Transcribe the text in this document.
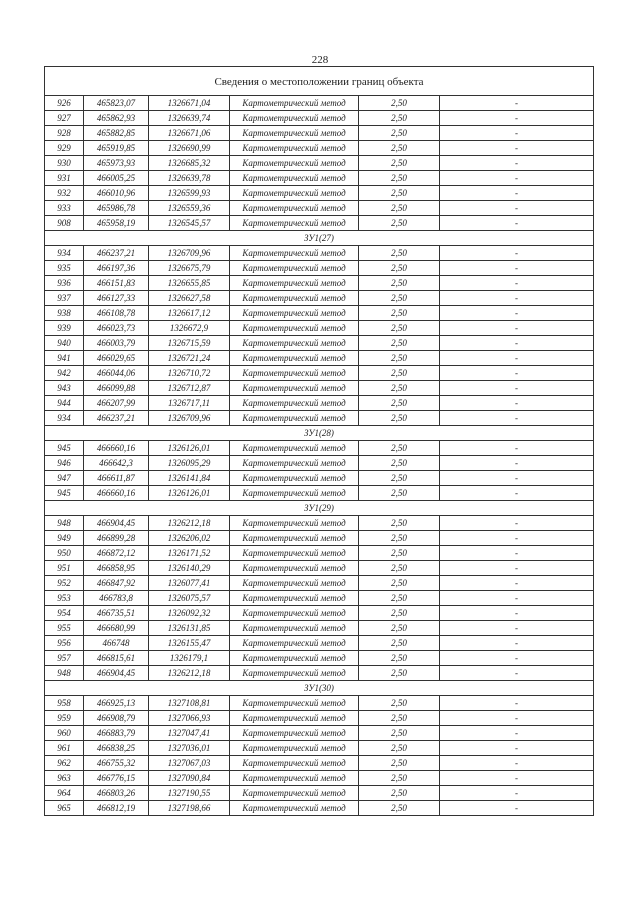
228
Сведения о местоположении границ объекта
926	465823,07	1326671,04	Картометрический метод	2,50	-
927	465862,93	1326639,74	Картометрический метод	2,50	-
928	465882,85	1326671,06	Картометрический метод	2,50	-
929	465919,85	1326690,99	Картометрический метод	2,50	-
930	465973,93	1326685,32	Картометрический метод	2,50	-
931	466005,25	1326639,78	Картометрический метод	2,50	-
932	466010,96	1326599,93	Картометрический метод	2,50	-
933	465986,78	1326559,36	Картометрический метод	2,50	-
908	465958,19	1326545,57	Картометрический метод	2,50	-
ЗУ1(27)					
934	466237,21	1326709,96	Картометрический метод	2,50	-
935	466197,36	1326675,79	Картометрический метод	2,50	-
936	466151,83	1326655,85	Картометрический метод	2,50	-
937	466127,33	1326627,58	Картометрический метод	2,50	-
938	466108,78	1326617,12	Картометрический метод	2,50	-
939	466023,73	1326672,9	Картометрический метод	2,50	-
940	466003,79	1326715,59	Картометрический метод	2,50	-
941	466029,65	1326721,24	Картометрический метод	2,50	-
942	466044,06	1326710,72	Картометрический метод	2,50	-
943	466099,88	1326712,87	Картометрический метод	2,50	-
944	466207,99	1326717,11	Картометрический метод	2,50	-
934	466237,21	1326709,96	Картометрический метод	2,50	-
ЗУ1(28)					
945	466660,16	1326126,01	Картометрический метод	2,50	-
946	466642,3	1326095,29	Картометрический метод	2,50	-
947	466611,87	1326141,84	Картометрический метод	2,50	-
945	466660,16	1326126,01	Картометрический метод	2,50	-
ЗУ1(29)					
948	466904,45	1326212,18	Картометрический метод	2,50	-
949	466899,28	1326206,02	Картометрический метод	2,50	-
950	466872,12	1326171,52	Картометрический метод	2,50	-
951	466858,95	1326140,29	Картометрический метод	2,50	-
952	466847,92	1326077,41	Картометрический метод	2,50	-
953	466783,8	1326075,57	Картометрический метод	2,50	-
954	466735,51	1326092,32	Картометрический метод	2,50	-
955	466680,99	1326131,85	Картометрический метод	2,50	-
956	466748	1326155,47	Картометрический метод	2,50	-
957	466815,61	1326179,1	Картометрический метод	2,50	-
948	466904,45	1326212,18	Картометрический метод	2,50	-
ЗУ1(30)					
958	466925,13	1327108,81	Картометрический метод	2,50	-
959	466908,79	1327066,93	Картометрический метод	2,50	-
960	466883,79	1327047,41	Картометрический метод	2,50	-
961	466838,25	1327036,01	Картометрический метод	2,50	-
962	466755,32	1327067,03	Картометрический метод	2,50	-
963	466776,15	1327090,84	Картометрический метод	2,50	-
964	466803,26	1327190,55	Картометрический метод	2,50	-
965	466812,19	1327198,66	Картометрический метод	2,50	-
